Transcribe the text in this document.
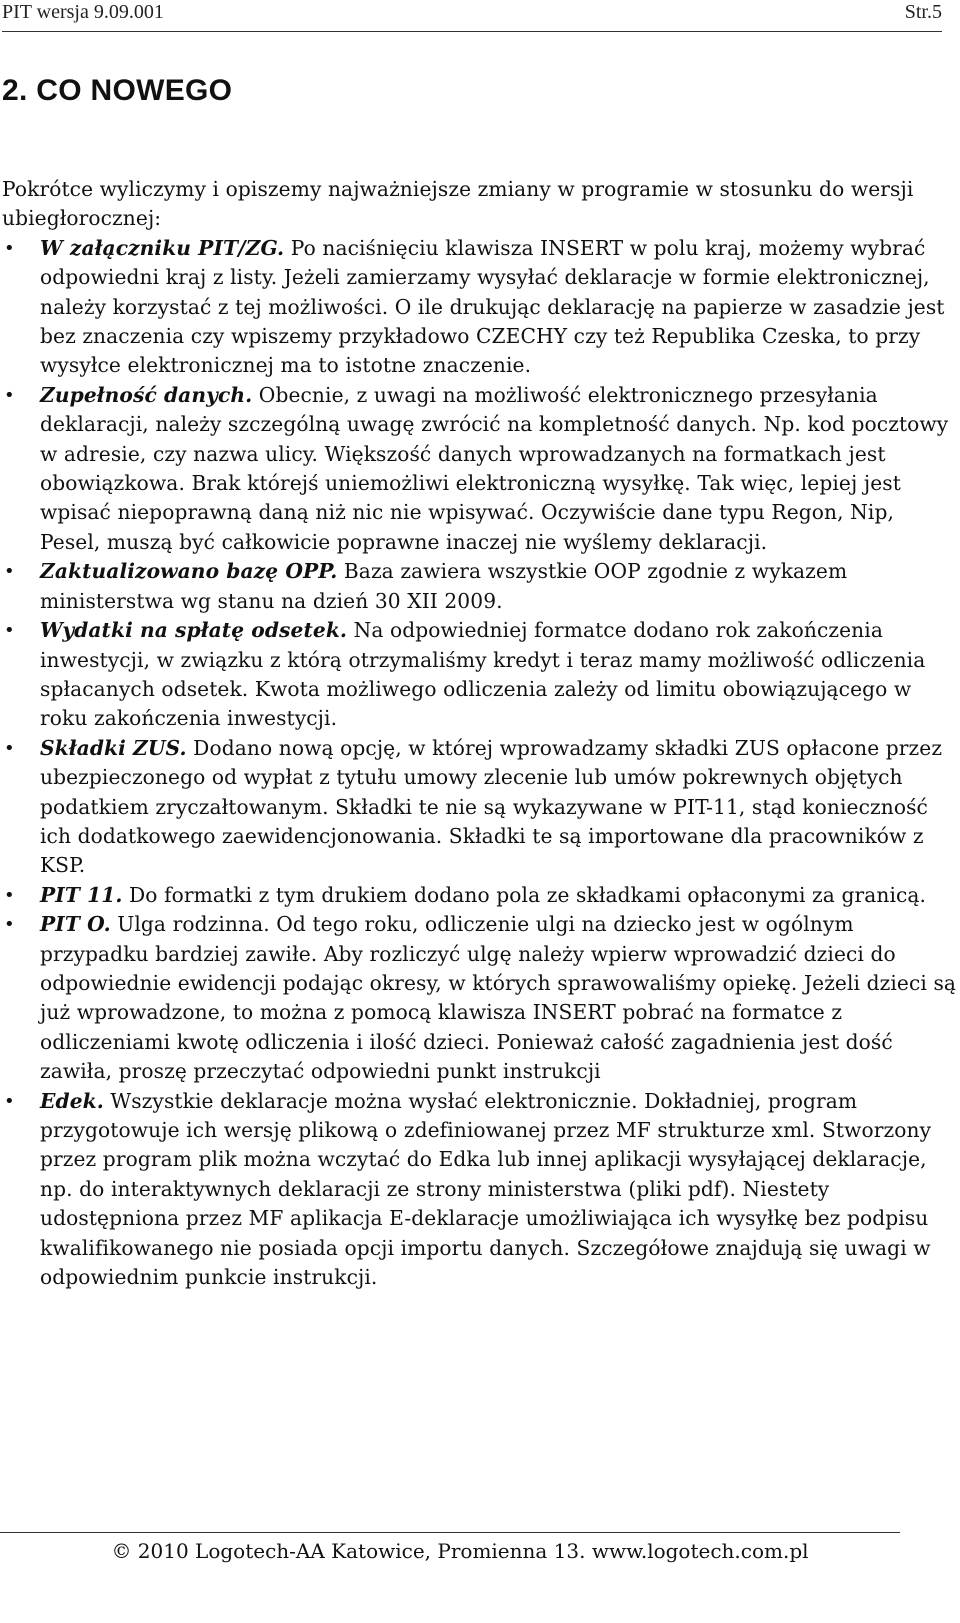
PIT wersja 9.09.001	Str.5
2. CO NOWEGO

Pokrótce wyliczymy i opiszemy najważniejsze zmiany w programie w stosunku do wersji ubiegłorocznej:

• W załączniku PIT/ZG. Po naciśnięciu klawisza INSERT w polu kraj, możemy wybrać odpowiedni kraj z listy. Jeżeli zamierzamy wysyłać deklaracje w formie elektronicznej, należy korzystać z tej możliwości. O ile drukując deklarację na papierze w zasadzie jest bez znaczenia czy wpiszemy przykładowo CZECHY czy też Republika Czeska, to przy wysyłce elektronicznej ma to istotne znaczenie.
• Zupełność danych. Obecnie, z uwagi na możliwość elektronicznego przesyłania deklaracji, należy szczególną uwagę zwrócić na kompletność danych. Np. kod pocztowy w adresie, czy nazwa ulicy. Większość danych wprowadzanych na formatkach jest obowiązkowa. Brak którejś uniemożliwi elektroniczną wysyłkę. Tak więc, lepiej jest wpisać niepoprawną daną niż nic nie wpisywać. Oczywiście dane typu Regon, Nip, Pesel, muszą być całkowicie poprawne inaczej nie wyślemy deklaracji.
• Zaktualizowano bazę OPP. Baza zawiera wszystkie OOP zgodnie z wykazem ministerstwa wg stanu na dzień 30 XII 2009.
• Wydatki na spłatę odsetek. Na odpowiedniej formatce dodano rok zakończenia inwestycji, w związku z którą otrzymaliśmy kredyt i teraz mamy możliwość odliczenia spłacanych odsetek. Kwota możliwego odliczenia zależy od limitu obowiązującego w roku zakończenia inwestycji.
• Składki ZUS. Dodano nową opcję, w której wprowadzamy składki ZUS opłacone przez ubezpieczonego od wypłat z tytułu umowy zlecenie lub umów pokrewnych objętych podatkiem zryczałtowanym. Składki te nie są wykazywane w PIT-11, stąd konieczność ich dodatkowego zaewidencjonowania. Składki te są importowane dla pracowników z KSP.
• PIT 11. Do formatki z tym drukiem dodano pola ze składkami opłaconymi za granicą.
• PIT O. Ulga rodzinna. Od tego roku, odliczenie ulgi na dziecko jest w ogólnym przypadku bardziej zawiłe. Aby rozliczyć ulgę należy wpierw wprowadzić dzieci do odpowiednie ewidencji podając okresy, w których sprawowaliśmy opiekę. Jeżeli dzieci są już wprowadzone, to można z pomocą klawisza INSERT pobrać na formatce z odliczeniami kwotę odliczenia i ilość dzieci. Ponieważ całość zagadnienia jest dość zawiła, proszę przeczytać odpowiedni punkt instrukcji
• Edek. Wszystkie deklaracje można wysłać elektronicznie. Dokładniej, program przygotowuje ich wersję plikową o zdefiniowanej przez MF strukturze xml. Stworzony przez program plik można wczytać do Edka lub innej aplikacji wysyłającej deklaracje, np. do interaktywnych deklaracji ze strony ministerstwa (pliki pdf). Niestety udostępniona przez MF aplikacja E-deklaracje umożliwiająca ich wysyłkę bez podpisu kwalifikowanego nie posiada opcji importu danych. Szczegółowe znajdują się uwagi w odpowiednim punkcie instrukcji.
© 2010 Logotech-AA Katowice, Promienna 13. www.logotech.com.pl
